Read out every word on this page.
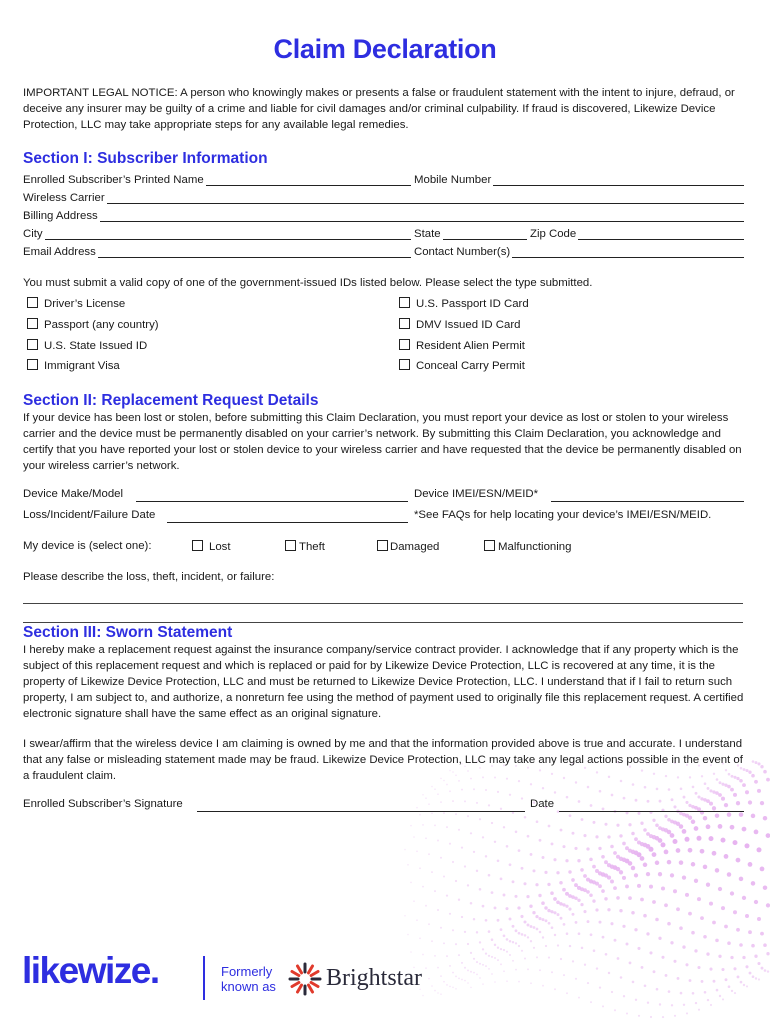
Claim Declaration
IMPORTANT LEGAL NOTICE: A person who knowingly makes or presents a false or fraudulent statement with the intent to injure, defraud, or deceive any insurer may be guilty of a crime and liable for civil damages and/or criminal culpability. If fraud is discovered, Likewize Device Protection, LLC may take appropriate steps for any available legal remedies.
Section I: Subscriber Information
Enrolled Subscriber’s Printed Name	Mobile Number
Wireless Carrier
Billing Address
City	State	Zip Code
Email Address	Contact Number(s)
You must submit a valid copy of one of the government-issued IDs listed below. Please select the type submitted.
Driver’s License	U.S. Passport ID Card
Passport (any country)	DMV Issued ID Card
U.S. State Issued ID	Resident Alien Permit
Immigrant Visa	Conceal Carry Permit
Section II: Replacement Request Details
If your device has been lost or stolen, before submitting this Claim Declaration, you must report your device as lost or stolen to your wireless carrier and the device must be permanently disabled on your carrier’s network. By submitting this Claim Declaration, you acknowledge and certify that you have reported your lost or stolen device to your wireless carrier and have requested that the device be permanently disabled on your wireless carrier’s network.
Device Make/Model	Device IMEI/ESN/MEID*
Loss/Incident/Failure Date	*See FAQs for help locating your device’s IMEI/ESN/MEID.
My device is (select one):	Lost	Theft	Damaged	Malfunctioning
Please describe the loss, theft, incident, or failure:
Section III: Sworn Statement
I hereby make a replacement request against the insurance company/service contract provider. I acknowledge that if any property which is the subject of this replacement request and which is replaced or paid for by Likewize Device Protection, LLC is recovered at any time, it is the property of Likewize Device Protection, LLC and must be returned to Likewize Device Protection, LLC. I understand that if I fail to return such property, I am subject to, and authorize, a nonreturn fee using the method of payment used to originally file this replacement request. A certified electronic signature shall have the same effect as an original signature.
I swear/affirm that the wireless device I am claiming is owned by me and that the information provided above is true and accurate. I understand that any false or misleading statement made may be fraud. Likewize Device Protection, LLC may take any legal actions possible in the event of a fraudulent claim.
Enrolled Subscriber’s Signature	Date
likewize.	Formerly
known as Brightstar
